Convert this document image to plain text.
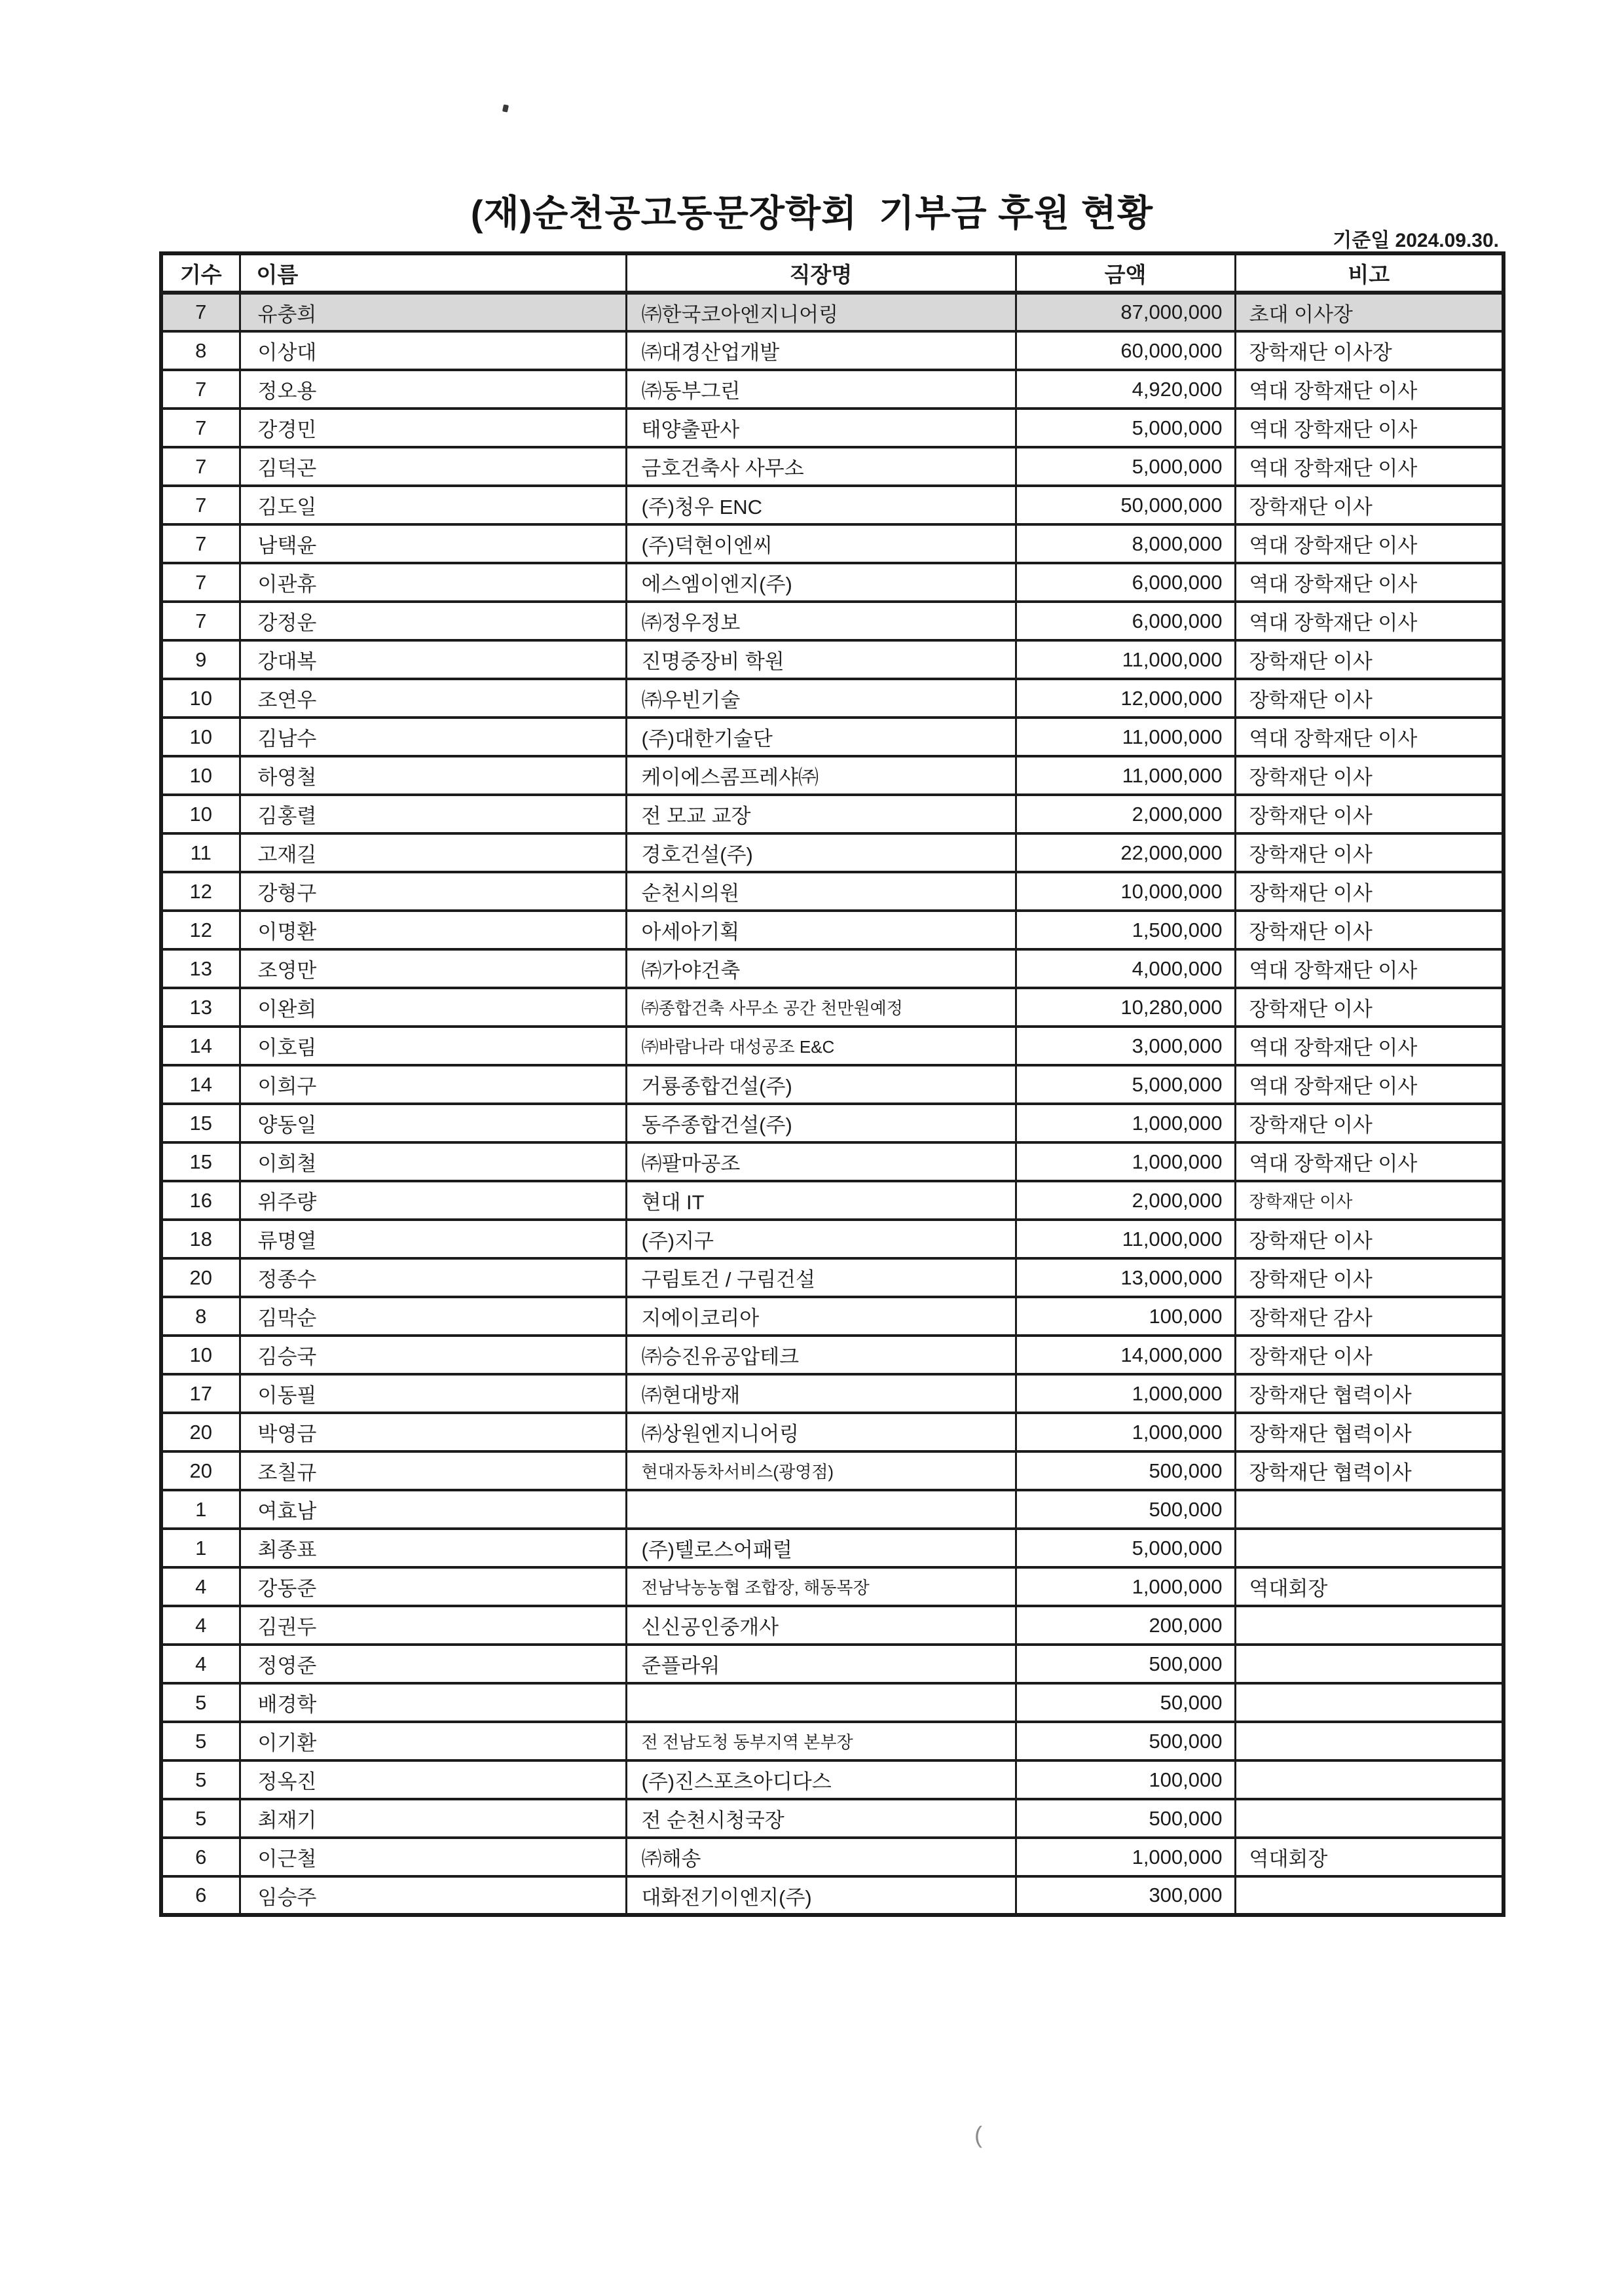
(재)순천공고동문장학회  기부금 후원 현황
기준일 2024.09.30.
기수	이름	직장명	금액	비고
7	유충희	㈜한국코아엔지니어링	87,000,000	초대 이사장
8	이상대	㈜대경산업개발	60,000,000	장학재단 이사장
7	정오용	㈜동부그린	4,920,000	역대 장학재단 이사
7	강경민	태양출판사	5,000,000	역대 장학재단 이사
7	김덕곤	금호건축사 사무소	5,000,000	역대 장학재단 이사
7	김도일	(주)청우 ENC	50,000,000	장학재단 이사
7	남택윤	(주)덕현이엔씨	8,000,000	역대 장학재단 이사
7	이관휴	에스엠이엔지(주)	6,000,000	역대 장학재단 이사
7	강정운	㈜정우정보	6,000,000	역대 장학재단 이사
9	강대복	진명중장비 학원	11,000,000	장학재단 이사
10	조연우	㈜우빈기술	12,000,000	장학재단 이사
10	김남수	(주)대한기술단	11,000,000	역대 장학재단 이사
10	하영철	케이에스콤프레샤㈜	11,000,000	장학재단 이사
10	김홍렬	전 모교 교장	2,000,000	장학재단 이사
11	고재길	경호건설(주)	22,000,000	장학재단 이사
12	강형구	순천시의원	10,000,000	장학재단 이사
12	이명환	아세아기획	1,500,000	장학재단 이사
13	조영만	㈜가야건축	4,000,000	역대 장학재단 이사
13	이완희	㈜종합건축 사무소 공간 천만원예정	10,280,000	장학재단 이사
14	이호림	㈜바람나라 대성공조 E&C	3,000,000	역대 장학재단 이사
14	이희구	거룡종합건설(주)	5,000,000	역대 장학재단 이사
15	양동일	동주종합건설(주)	1,000,000	장학재단 이사
15	이희철	㈜팔마공조	1,000,000	역대 장학재단 이사
16	위주량	현대 IT	2,000,000	장학재단 이사
18	류명열	(주)지구	11,000,000	장학재단 이사
20	정종수	구림토건 / 구림건설	13,000,000	장학재단 이사
8	김막순	지에이코리아	100,000	장학재단 감사
10	김승국	㈜승진유공압테크	14,000,000	장학재단 이사
17	이동필	㈜현대방재	1,000,000	장학재단 협력이사
20	박영금	㈜상원엔지니어링	1,000,000	장학재단 협력이사
20	조칠규	현대자동차서비스(광영점)	500,000	장학재단 협력이사
1	여효남		500,000	
1	최종표	(주)텔로스어패럴	5,000,000	
4	강동준	전남낙농농협 조합장, 해동목장	1,000,000	역대회장
4	김권두	신신공인중개사	200,000	
4	정영준	준플라워	500,000	
5	배경학		50,000	
5	이기환	전 전남도청 동부지역 본부장	500,000	
5	정옥진	(주)진스포츠아디다스	100,000	
5	최재기	전 순천시청국장	500,000	
6	이근철	㈜해송	1,000,000	역대회장
6	임승주	대화전기이엔지(주)	300,000	
(
